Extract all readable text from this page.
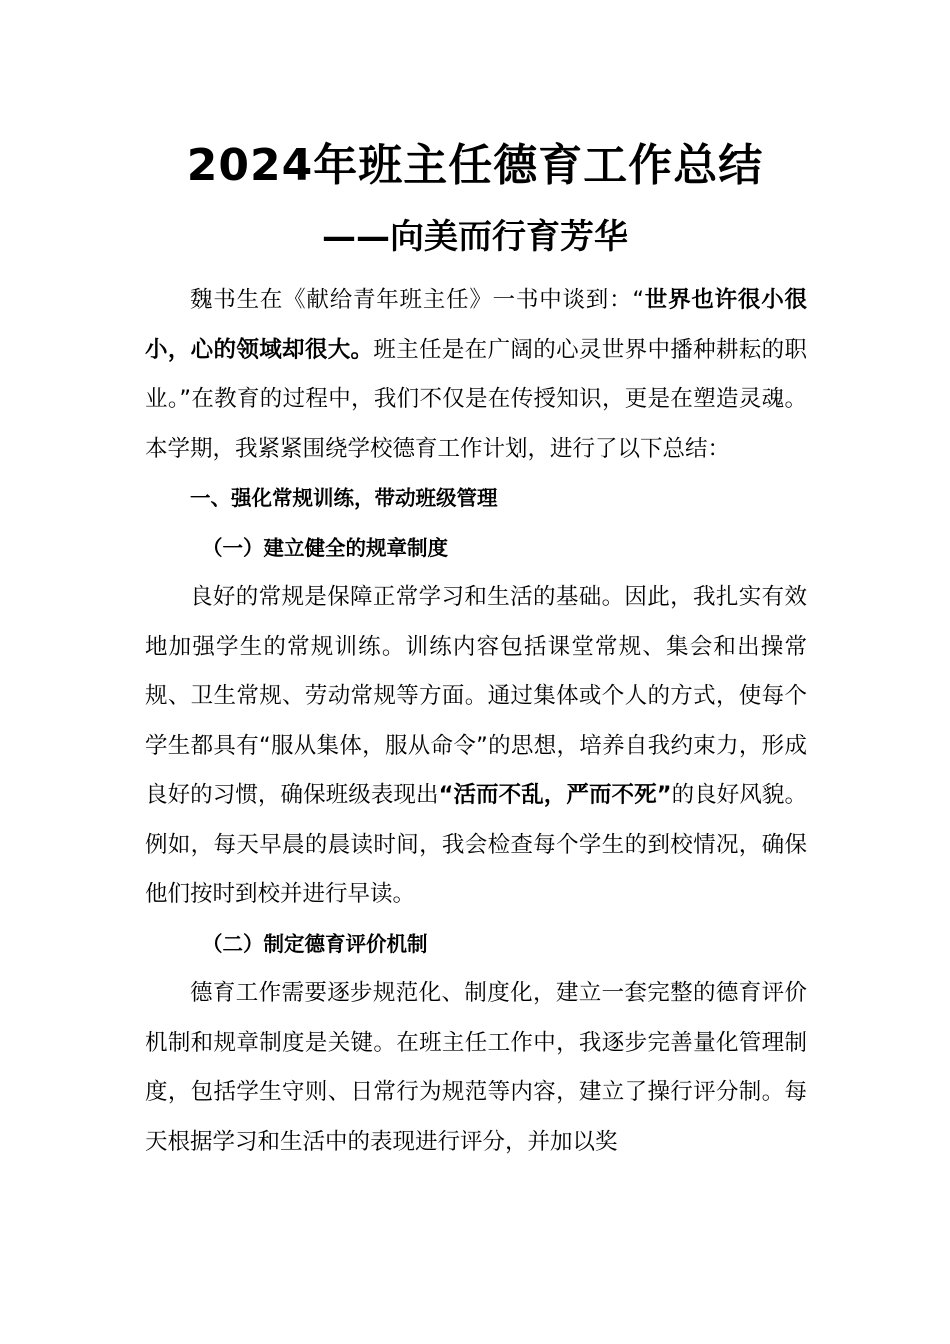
2024年班主任德育工作总结
——向美而行育芳华

魏书生在《献给青年班主任》一书中谈到：“世界也许很小很小，心的领域却很大。班主任是在广阔的心灵世界中播种耕耘的职业。”在教育的过程中，我们不仅是在传授知识，更是在塑造灵魂。本学期，我紧紧围绕学校德育工作计划，进行了以下总结：

一、强化常规训练，带动班级管理

（一）建立健全的规章制度

良好的常规是保障正常学习和生活的基础。因此，我扎实有效地加强学生的常规训练。训练内容包括课堂常规、集会和出操常规、卫生常规、劳动常规等方面。通过集体或个人的方式，使每个学生都具有“服从集体，服从命令”的思想，培养自我约束力，形成良好的习惯，确保班级表现出“活而不乱，严而不死”的良好风貌。例如，每天早晨的晨读时间，我会检查每个学生的到校情况，确保他们按时到校并进行早读。

（二）制定德育评价机制

德育工作需要逐步规范化、制度化，建立一套完整的德育评价机制和规章制度是关键。在班主任工作中，我逐步完善量化管理制度，包括学生守则、日常行为规范等内容，建立了操行评分制。每天根据学习和生活中的表现进行评分，并加以奖
